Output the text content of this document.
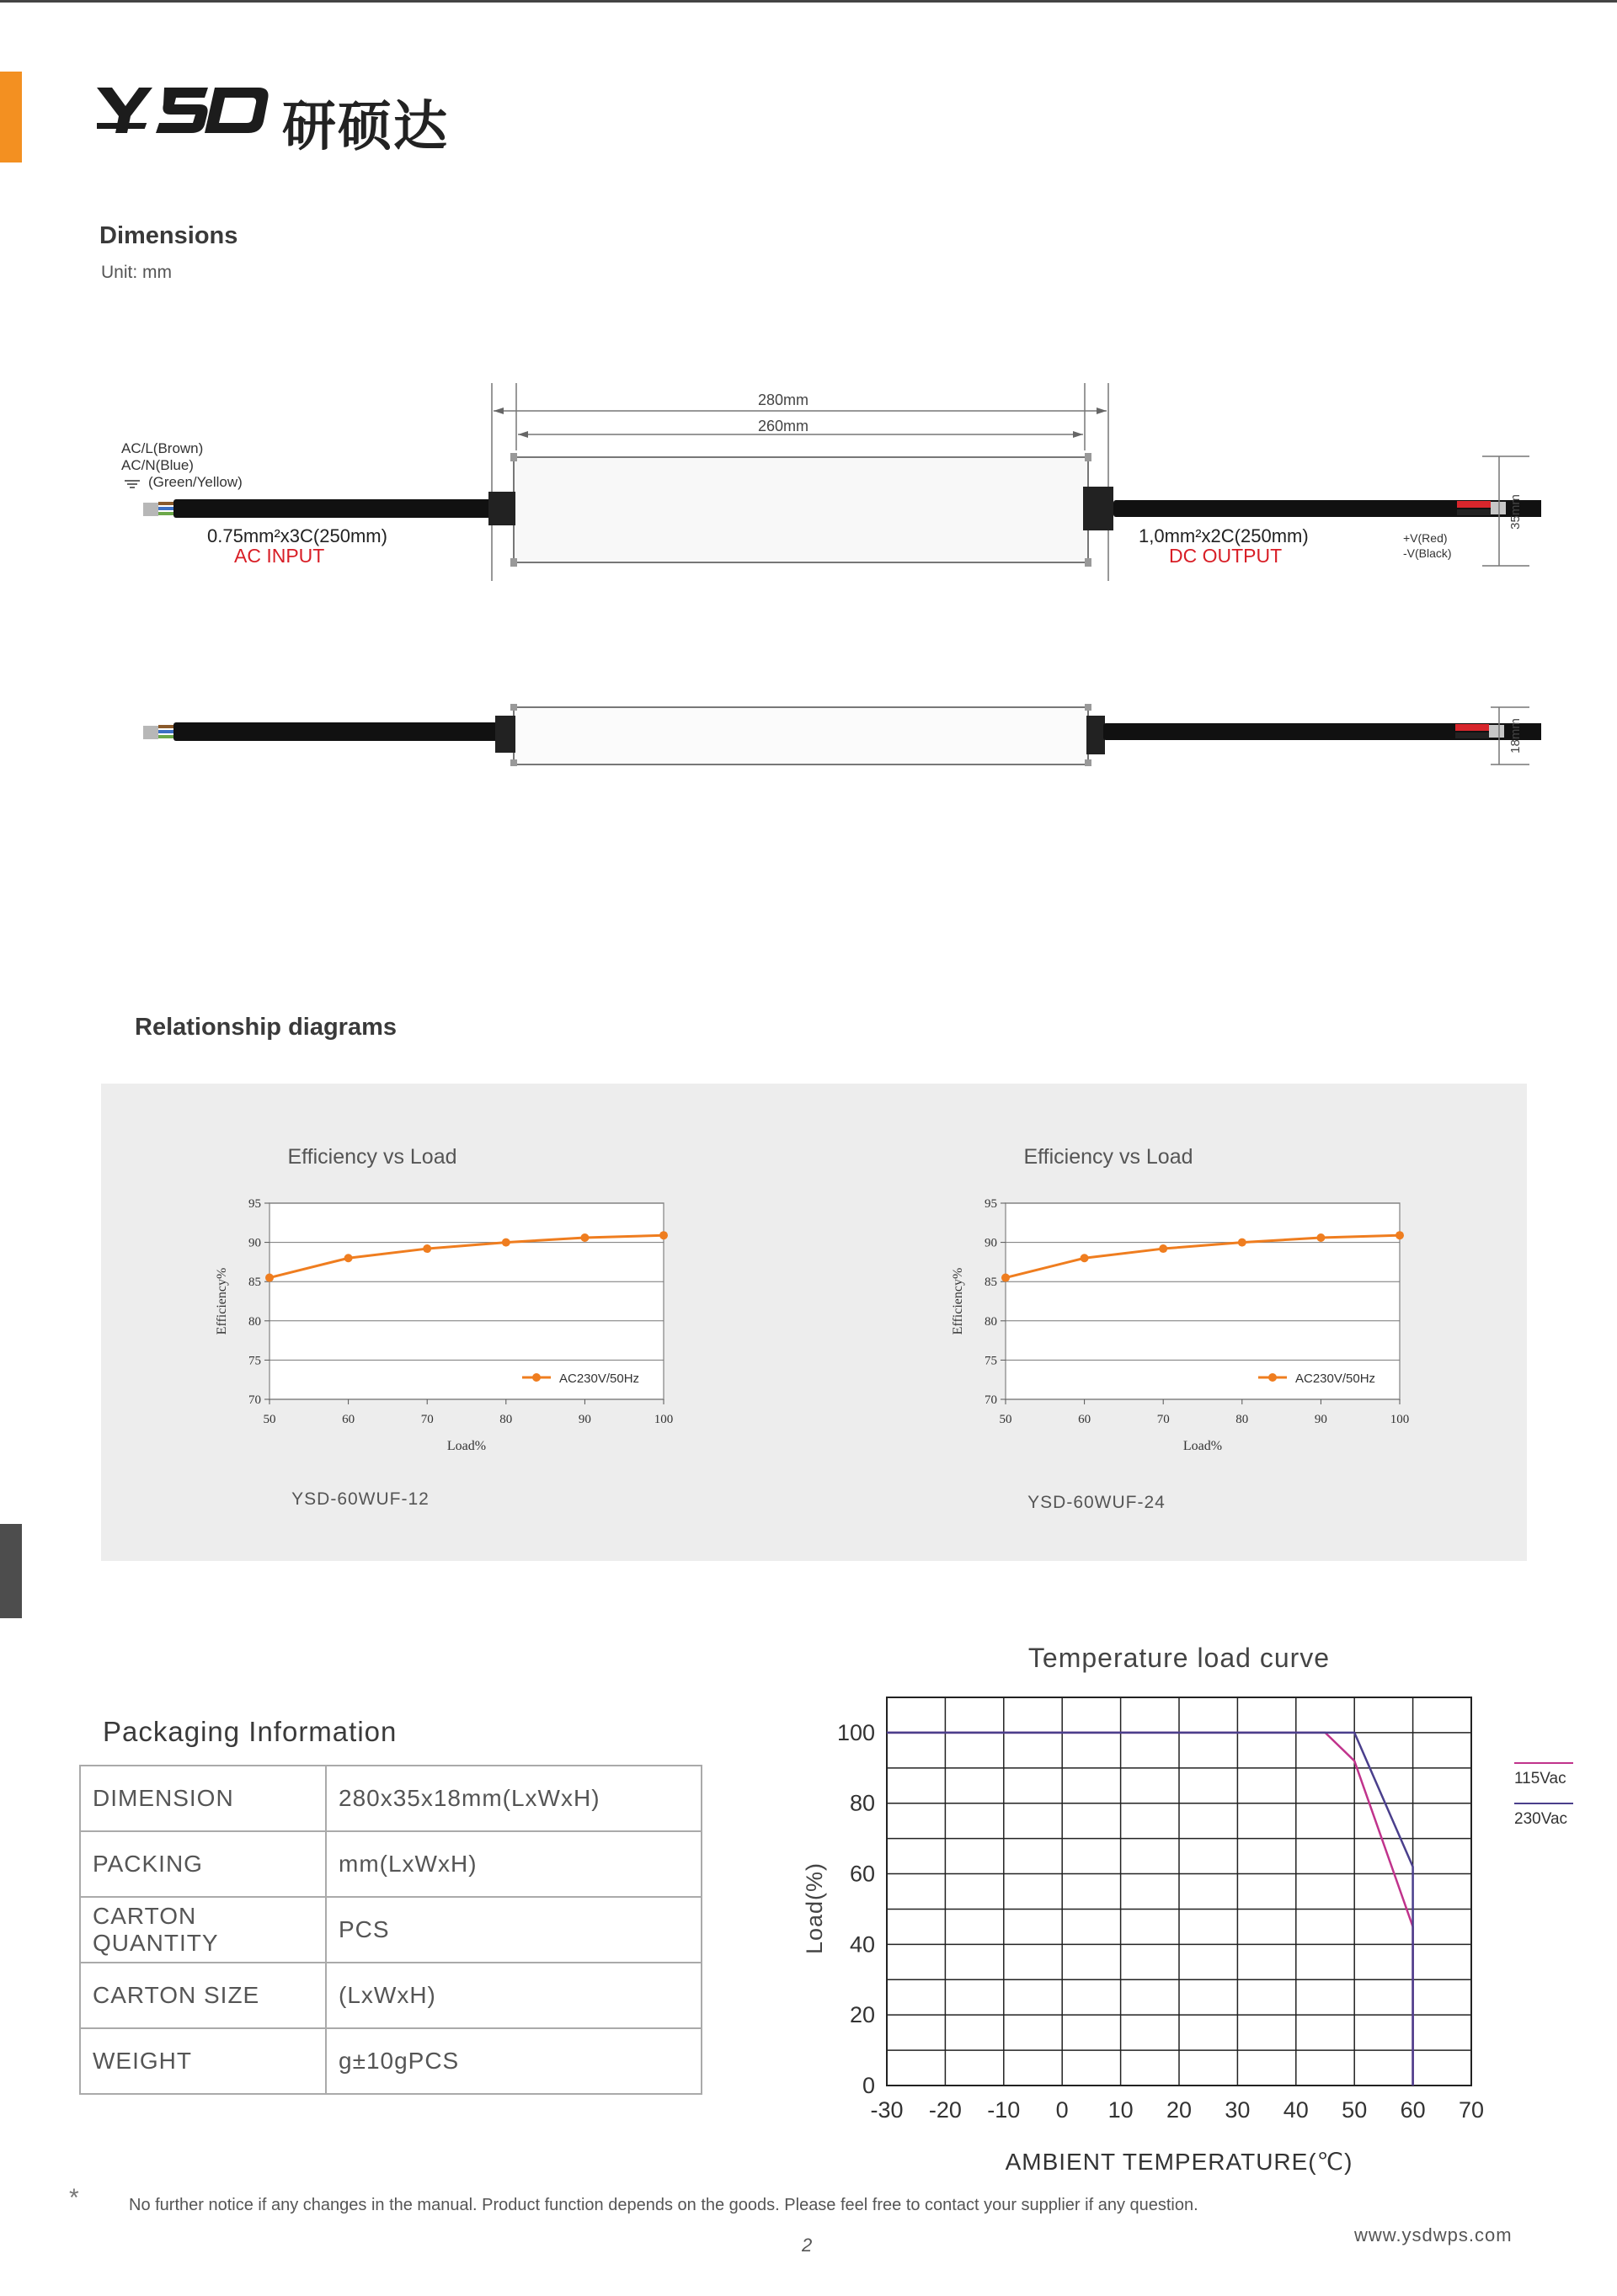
研硕达
Dimensions
Unit: mm
280mm
260mm
35mm
AC/L(Brown)
AC/N(Blue)
(Green/Yellow)
0.75mm²x3C(250mm)
AC INPUT
1,0mm²x2C(250mm)
DC OUTPUT
+V(Red)
-V(Black)
18mm
Relationship diagrams
Efficiency vs Load
70
75
80
85
90
95
50	60	70	80	90	100
Load%
Efficiency%
AC230V/50Hz
YSD-60WUF-12
Efficiency vs Load
70
75
80
85
90
95
50	60	70	80	90	100
Load%
Efficiency%
AC230V/50Hz
YSD-60WUF-24
Temperature load curve
-30 -20 -10 0 10 20 30 40 50 60 70
0
20
40
60
80
100
AMBIENT TEMPERATURE(℃)
Load(%)
115Vac
230Vac
Packaging Information
DIMENSION	280x35x18mm(LxWxH)
PACKING	mm(LxWxH)
CARTON QUANTITY	PCS
CARTON SIZE	(LxWxH)
WEIGHT	g±10gPCS
*	No further notice if any changes in the manual. Product function depends on the goods. Please feel free to contact your supplier if any question.
2	www.ysdwps.com
